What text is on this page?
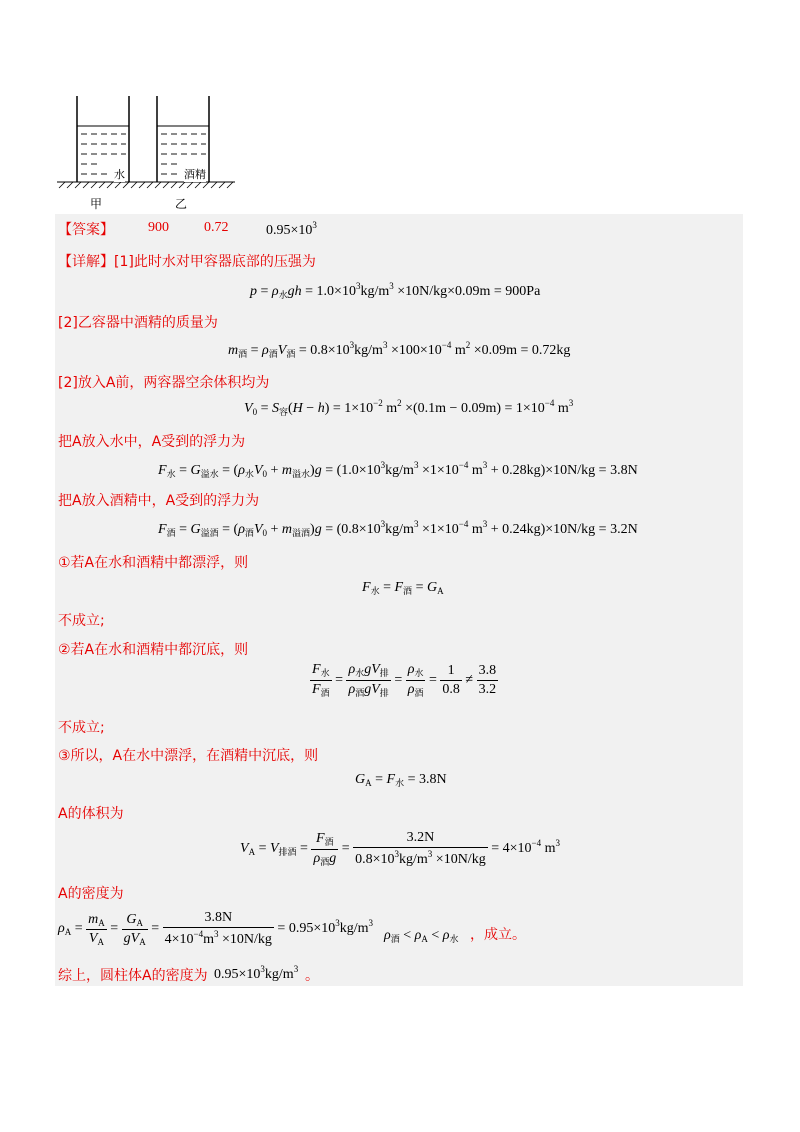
水	酒精
甲	乙
【答案】 900	0.72	$0.95\times 10^3$
【详解】 [1]此时水对甲容器底部的压强为
$p = \rho_水gh = 1.0\times 10^3kg/m^3 \times 10N/kg\times 0.09m = 900Pa$
[2]乙容器中酒精的质量为
$m_酒 = \rho_酒V_酒 = 0.8\times 10^3kg/m^3 \times 100\times 10^{-4}$ $m^2 \times 0.09m = 0.72kg$
[2]放入A前，两容器空余体积均为
$V_0 = S_容(H - h) = 1\times 10^{-2}$ $m^2 \times(0.1m - 0.09m) = 1\times 10^{-4}$ $m^3$
把A放入水中，A受到的浮力为
$F_水 = G_{溢水} = (\rho_水V_0 + m_{溢水})g = (1.0\times 10^3kg/m^3 \times 1\times 10^{-4}$ $m^3 + 0.28kg)\times 10N/kg = 3.8N$
把A放入酒精中，A受到的浮力为
$F_酒 = G_{溢酒} = (\rho_酒V_0 + m_{溢酒})g = (0.8\times 10^3kg/m^3 \times 1\times 10^{-4}$ $m^3 + 0.24kg)\times 10N/kg = 3.2N$
①若A在水和酒精中都漂浮，则
$F_水 = F_酒 = G_A$
不成立;
②若A在水和酒精中都沉底，则
$\frac{F_水}{F_酒} = \frac{\rho_水gV_排}{\rho_酒gV_排} = \frac{\rho_水}{\rho_酒} = \frac{1}{0.8} \ne \frac{3.8}{3.2}$
不成立;
③所以，A在水中漂浮，在酒精中沉底，则
$G_A = F_水 = 3.8N$
A的体积为
$V_A = V_{排酒} = \frac{F_酒}{\rho_酒g} = \frac{3.2N}{0.8\times 10^3kg/m^3 \times 10N/kg} = 4\times 10^{-4}$ $m^3$
A的密度为
$\rho_A = \frac{m_A}{V_A} = \frac{G_A}{gV_A} = \frac{3.8N}{4\times 10^{-4}m^3 \times 10N/kg} = 0.95\times 10^3kg/m^3$
$\rho_酒 < \rho_A < \rho_水$ ，成立。
综上，圆柱体A的密度为 $0.95\times 10^3kg/m^3$ 。
